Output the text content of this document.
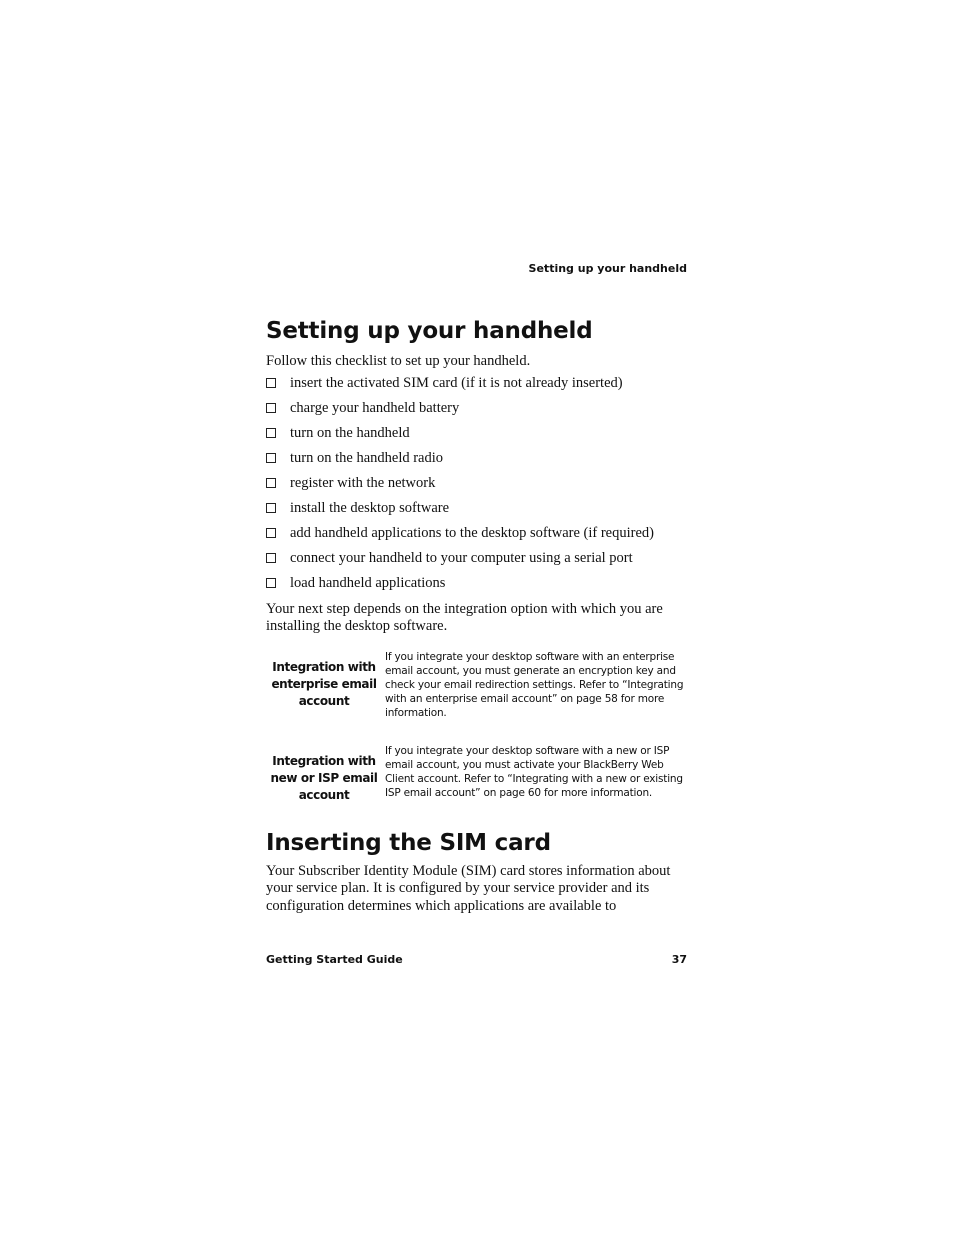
Setting up your handheld
Setting up your handheld

Follow this checklist to set up your handheld.

insert the activated SIM card (if it is not already inserted)
charge your handheld battery
turn on the handheld
turn on the handheld radio
register with the network
install the desktop software
add handheld applications to the desktop software (if required)
connect your handheld to your computer using a serial port
load handheld applications

Your next step depends on the integration option with which you are installing the desktop software.

Integration with enterprise email account
If you integrate your desktop software with an enterprise email account, you must generate an encryption key and check your email redirection settings. Refer to “Integrating with an enterprise email account” on page 58 for more information.
Integration with new or ISP email account
If you integrate your desktop software with a new or ISP email account, you must activate your BlackBerry Web Client account. Refer to “Integrating with a new or existing ISP email account” on page 60 for more information.
Inserting the SIM card

Your Subscriber Identity Module (SIM) card stores information about your service plan. It is configured by your service provider and its configuration determines which applications are available to

Getting Started Guide	37
